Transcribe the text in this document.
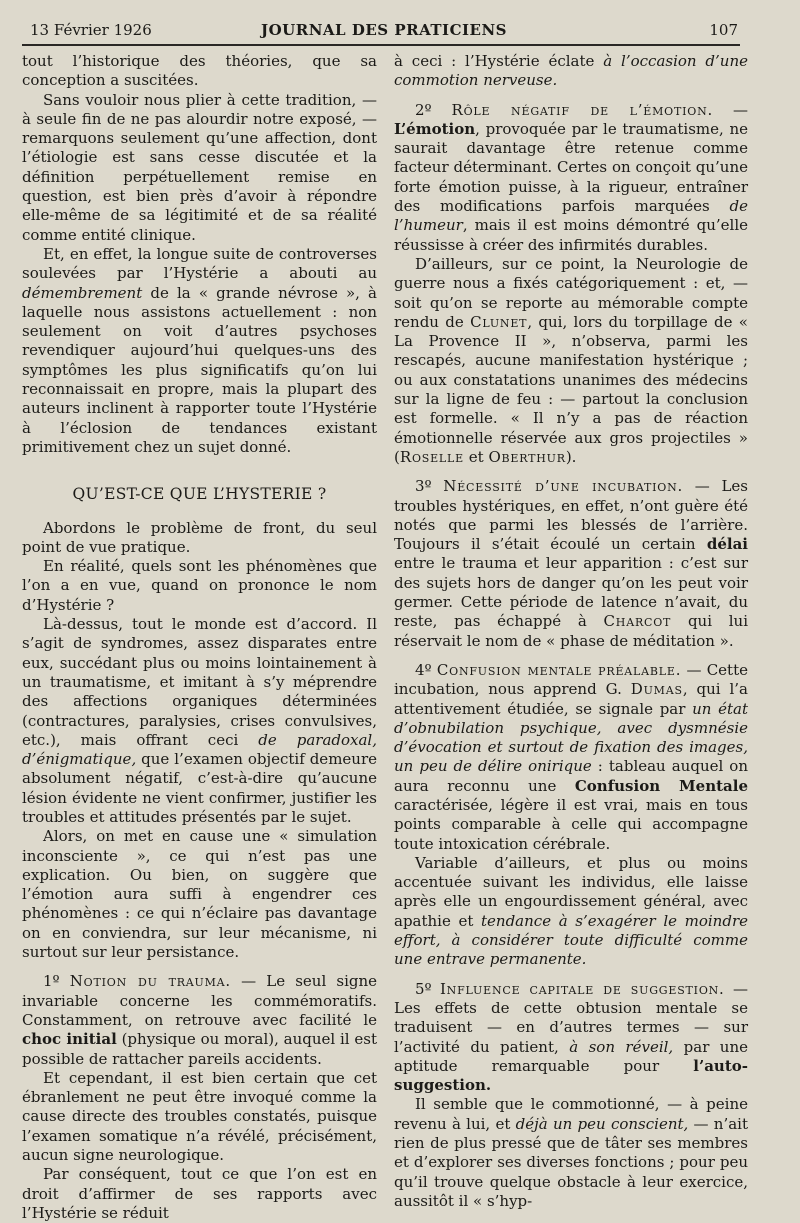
13 Février 1926	JOURNAL DES PRATICIENS	107

tout l’historique des théories, que sa conception a suscitées.

Sans vouloir nous plier à cette tradition, — à seule fin de ne pas alourdir notre exposé, — remarquons seulement qu’une affection, dont l’étiologie est sans cesse discutée et la définition perpétuellement remise en question, est bien près d’avoir à répondre elle-même de sa légitimité et de sa réalité comme entité clinique.

Et, en effet, la longue suite de controverses soulevées par l’Hystérie a abouti au démembrement de la « grande névrose », à laquelle nous assistons actuellement : non seulement on voit d’autres psychoses revendiquer aujourd’hui quelques-uns des symptômes les plus significatifs qu’on lui reconnaissait en propre, mais la plupart des auteurs inclinent à rapporter toute l’Hystérie à l’éclosion de tendances existant primitivement chez un sujet donné.

QU’EST-CE QUE L’HYSTERIE ?

Abordons le problème de front, du seul point de vue pratique.

En réalité, quels sont les phénomènes que l’on a en vue, quand on prononce le nom d’Hystérie ?

Là-dessus, tout le monde est d’accord. Il s’agit de syndromes, assez disparates entre eux, succédant plus ou moins lointainement à un traumatisme, et imitant à s’y méprendre des affections organiques déterminées (contractures, paralysies, crises convulsives, etc.), mais offrant ceci de paradoxal, d’énigmatique, que l’examen objectif demeure absolument négatif, c’est-à-dire qu’aucune lésion évidente ne vient confirmer, justifier les troubles et attitudes présentés par le sujet.

Alors, on met en cause une « simulation inconsciente », ce qui n’est pas une explication. Ou bien, on suggère que l’émotion aura suffi à engendrer ces phénomènes : ce qui n’éclaire pas davantage on en conviendra, sur leur mécanisme, ni surtout sur leur persistance.

1º Notion du trauma. — Le seul signe invariable concerne les commémoratifs. Constamment, on retrouve avec facilité le choc initial (physique ou moral), auquel il est possible de rattacher pareils accidents.

Et cependant, il est bien certain que cet ébranlement ne peut être invoqué comme la cause directe des troubles constatés, puisque l’examen somatique n’a révélé, précisément, aucun signe neurologique.

Par conséquent, tout ce que l’on est en droit d’affirmer de ses rapports avec l’Hystérie se réduit

à ceci : l’Hystérie éclate à l’occasion d’une commotion nerveuse.

2º Rôle négatif de l’émotion. — L’émotion, provoquée par le traumatisme, ne saurait davantage être retenue comme facteur déterminant. Certes on conçoit qu’une forte émotion puisse, à la rigueur, entraîner des modifications parfois marquées de l’humeur, mais il est moins démontré qu’elle réussisse à créer des infirmités durables.

D’ailleurs, sur ce point, la Neurologie de guerre nous a fixés catégoriquement : et, — soit qu’on se reporte au mémorable compte rendu de Clunet, qui, lors du torpillage de « La Provence II », n’observa, parmi les rescapés, aucune manifestation hystérique ; ou aux constatations unanimes des médecins sur la ligne de feu : — partout la conclusion est formelle. « Il n’y a pas de réaction émotionnelle réservée aux gros projectiles » (Roselle et Oberthur).

3º Nécessité d’une incubation. — Les troubles hystériques, en effet, n’ont guère été notés que parmi les blessés de l’arrière. Toujours il s’était écoulé un certain délai entre le trauma et leur apparition : c’est sur des sujets hors de danger qu’on les peut voir germer. Cette période de latence n’avait, du reste, pas échappé à Charcot qui lui réservait le nom de « phase de méditation ».

4º Confusion mentale préalable. — Cette incubation, nous apprend G. Dumas, qui l’a attentivement étudiée, se signale par un état d’obnubilation psychique, avec dysmnésie d’évocation et surtout de fixation des images, un peu de délire onirique : tableau auquel on aura reconnu une Confusion Mentale caractérisée, légère il est vrai, mais en tous points comparable à celle qui accompagne toute intoxication cérébrale.

Variable d’ailleurs, et plus ou moins accentuée suivant les individus, elle laisse après elle un engourdissement général, avec apathie et tendance à s’exagérer le moindre effort, à considérer toute difficulté comme une entrave permanente.

5º Influence capitale de suggestion. — Les effets de cette obtusion mentale se traduisent — en d’autres termes — sur l’activité du patient, à son réveil, par une aptitude remarquable pour l’auto-suggestion.

Il semble que le commotionné, — à peine revenu à lui, et déjà un peu conscient, — n’ait rien de plus pressé que de tâter ses membres et d’explorer ses diverses fonctions ; pour peu qu’il trouve quelque obstacle à leur exercice, aussitôt il « s’hyp-
